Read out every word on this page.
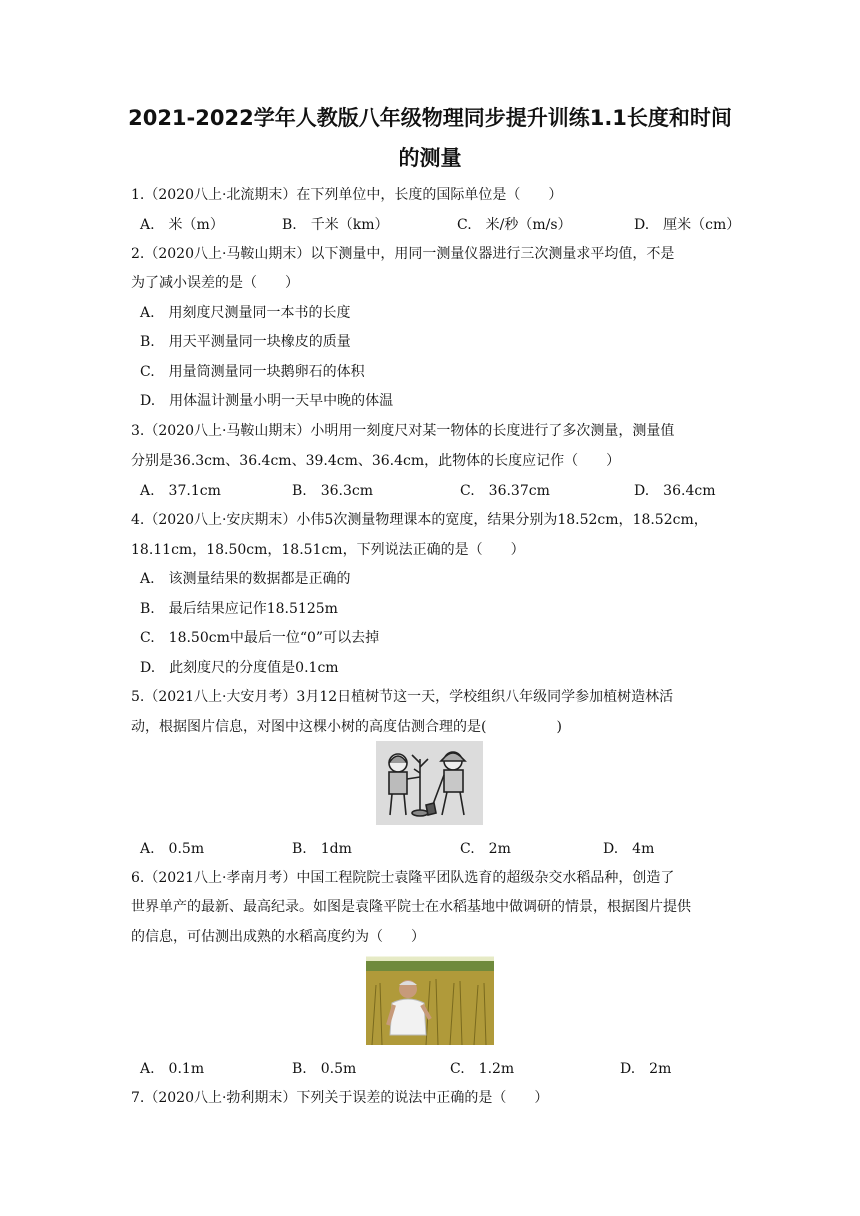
2021-2022学年人教版八年级物理同步提升训练1.1长度和时间的测量
1.（2020八上·北流期末）在下列单位中，长度的国际单位是（　　）
A.　米（m）	B.　千米（km）	C.　米/秒（m/s）	D.　厘米（cm）
2.（2020八上·马鞍山期末）以下测量中，用同一测量仪器进行三次测量求平均值，不是
为了减小误差的是（　　）
A.　用刻度尺测量同一本书的长度
B.　用天平测量同一块橡皮的质量
C.　用量筒测量同一块鹅卵石的体积
D.　用体温计测量小明一天早中晚的体温
3.（2020八上·马鞍山期末）小明用一刻度尺对某一物体的长度进行了多次测量，测量值
分别是36.3cm、36.4cm、39.4cm、36.4cm，此物体的长度应记作（　　）
A.　37.1cm	B.　36.3cm	C.　36.37cm	D.　36.4cm
4.（2020八上·安庆期末）小伟5次测量物理课本的宽度，结果分别为18.52cm，18.52cm，
18.11cm，18.50cm，18.51cm，下列说法正确的是（　　）
A.　该测量结果的数据都是正确的
B.　最后结果应记作18.5125m
C.　18.50cm中最后一位“0”可以去掉
D.　此刻度尺的分度值是0.1cm
5.（2021八上·大安月考）3月12日植树节这一天，学校组织八年级同学参加植树造林活
动，根据图片信息，对图中这棵小树的高度估测合理的是(　　　　　)
A.　0.5m	B.　1dm	C.　2m	D.　4m
6.（2021八上·孝南月考）中国工程院院士袁隆平团队选育的超级杂交水稻品种，创造了
世界单产的最新、最高纪录。如图是袁隆平院士在水稻基地中做调研的情景，根据图片提供
的信息，可估测出成熟的水稻高度约为（　　）
A.　0.1m	B.　0.5m	C.　1.2m	D.　2m
7.（2020八上·勃利期末）下列关于误差的说法中正确的是（　　）
